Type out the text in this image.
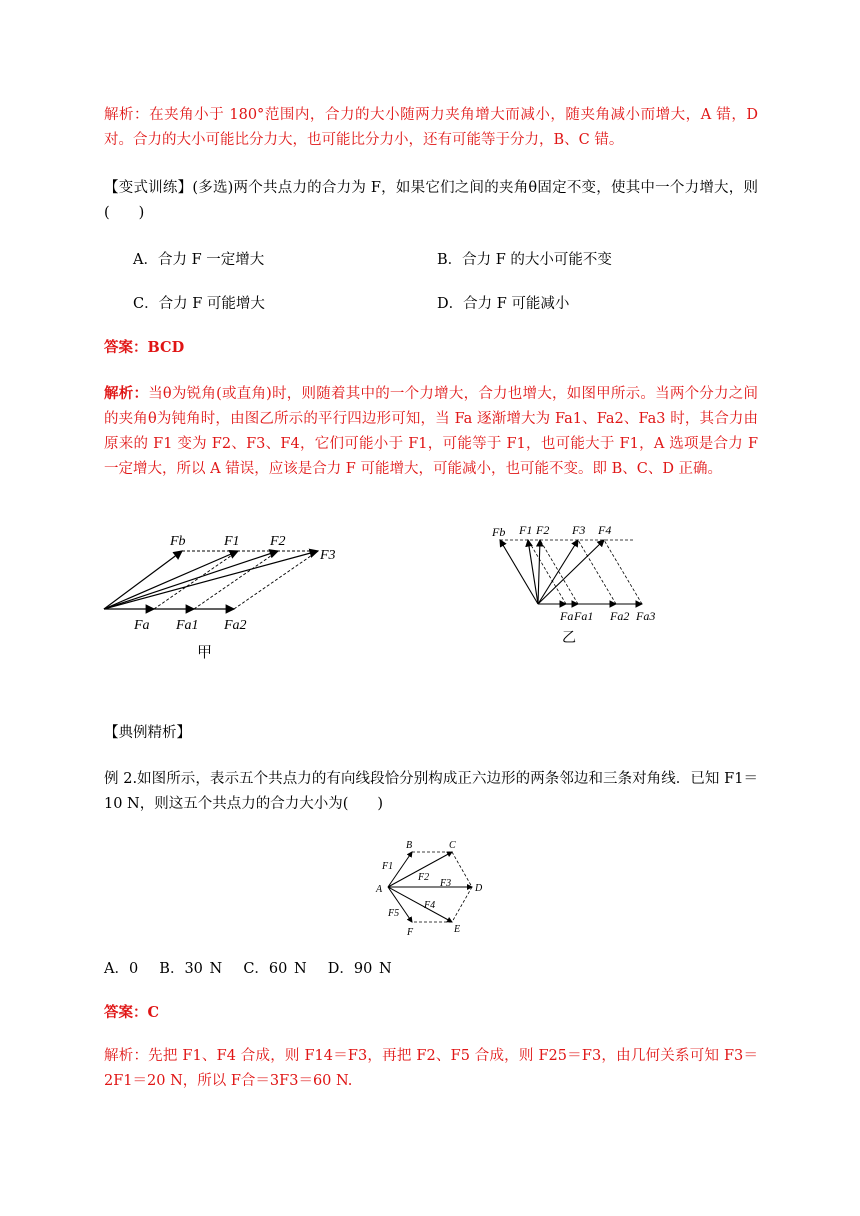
解析：在夹角小于 180°范围内，合力的大小随两力夹角增大而减小，随夹角减小而增大，A 错，D 对。合力的大小可能比分力大，也可能比分力小，还有可能等于分力，B、C 错。
【变式训练】(多选)两个共点力的合力为 F，如果它们之间的夹角θ固定不变，使其中一个力增大，则(　　)
A．合力 F 一定增大	B．合力 F 的大小可能不变
C．合力 F 可能增大	D．合力 F 可能减小
答案：BCD
解析：当θ为锐角(或直角)时，则随着其中的一个力增大，合力也增大，如图甲所示。当两个分力之间的夹角θ为钝角时，由图乙所示的平行四边形可知，当 Fa 逐渐增大为 Fa1、Fa2、Fa3 时，其合力由原来的 F1 变为 F2、F3、F4，它们可能小于 F1，可能等于 F1，也可能大于 F1，A 选项是合力 F 一定增大，所以 A 错误，应该是合力 F 可能增大，可能减小，也可能不变。即 B、C、D 正确。
Fb	F1 F2
F3
Fa Fa1 Fa2
甲
Fb F1 F2 F3 F4
Fa Fa1 Fa2 Fa3
乙
【典例精析】
例 2.如图所示，表示五个共点力的有向线段恰分别构成正六边形的两条邻边和三条对角线．已知 F1＝10 N，则这五个共点力的合力大小为(　　)
A
B	C
D
E
F
F1
F2
F3
F4
F5
A．0　 B．30 N　 C．60 N　 D．90 N
答案：C
解析：先把 F1、F4 合成，则 F14＝F3，再把 F2、F5 合成，则 F25＝F3，由几何关系可知 F3＝2F1＝20 N，所以 F合＝3F3＝60 N.
